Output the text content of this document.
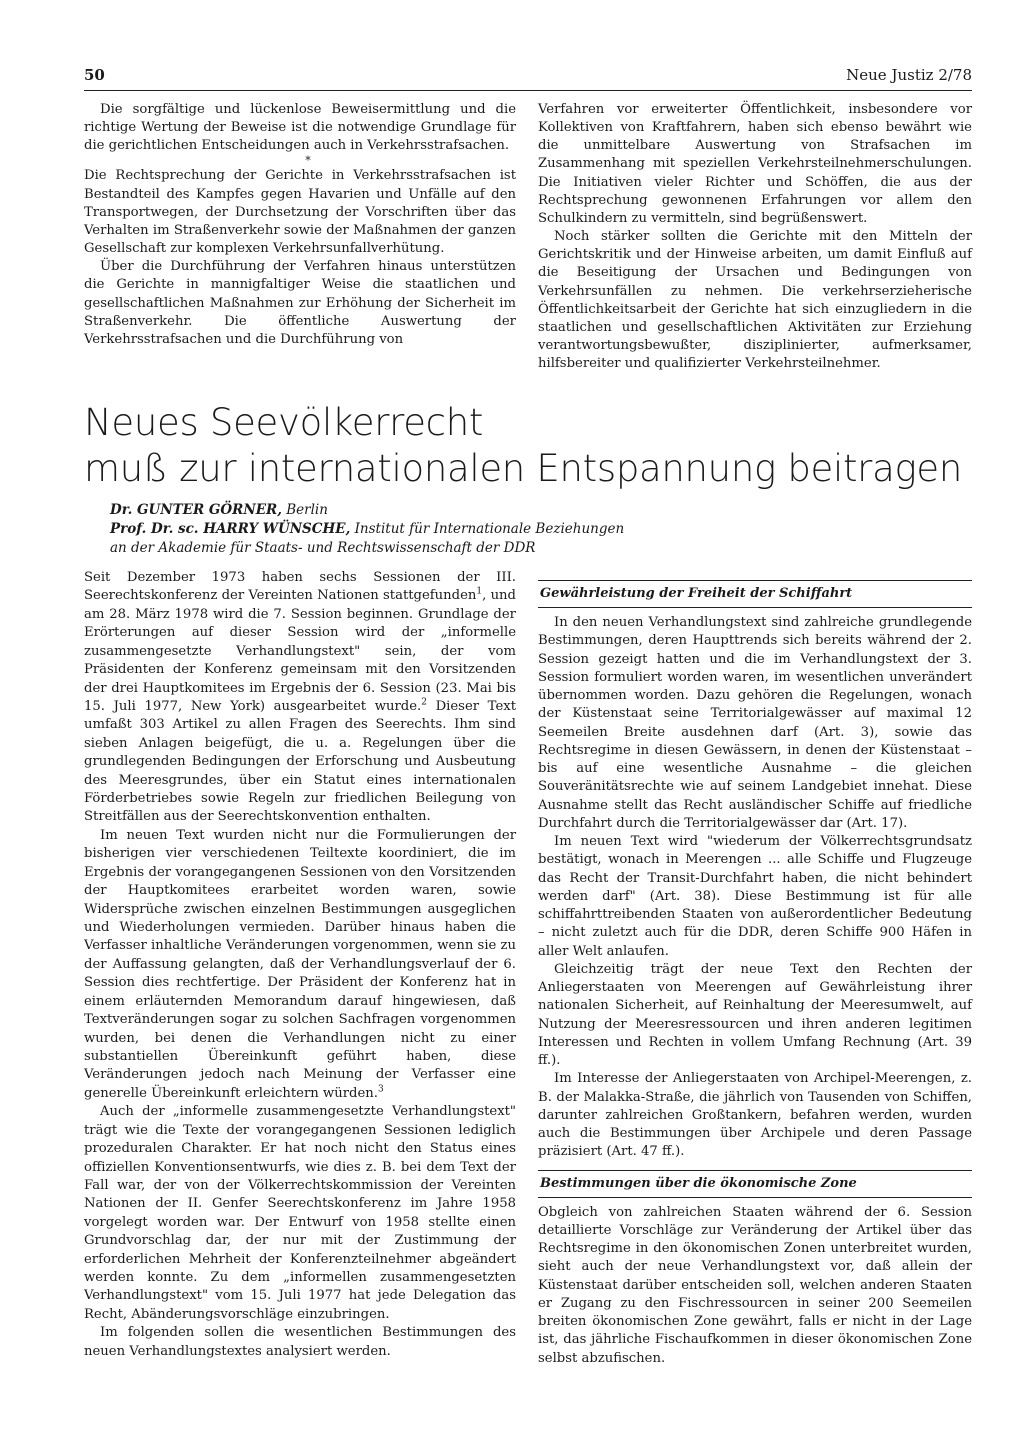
50	Neue Justiz 2/78

Die sorgfältige und lückenlose Beweisermittlung und die richtige Wertung der Beweise ist die notwendige Grundlage für die gerichtlichen Entscheidungen auch in Verkehrsstrafsachen.

*

Die Rechtsprechung der Gerichte in Verkehrsstrafsachen ist Bestandteil des Kampfes gegen Havarien und Unfälle auf den Transportwegen, der Durchsetzung der Vorschriften über das Verhalten im Straßenverkehr sowie der Maßnahmen der ganzen Gesellschaft zur komplexen Verkehrsunfallverhütung.

Über die Durchführung der Verfahren hinaus unterstützen die Gerichte in mannigfaltiger Weise die staatlichen und gesellschaftlichen Maßnahmen zur Erhöhung der Sicherheit im Straßenverkehr. Die öffentliche Auswertung der Verkehrsstrafsachen und die Durchführung von

Verfahren vor erweiterter Öffentlichkeit, insbesondere vor Kollektiven von Kraftfahrern, haben sich ebenso bewährt wie die unmittelbare Auswertung von Strafsachen im Zusammenhang mit speziellen Verkehrsteilnehmerschulungen. Die Initiativen vieler Richter und Schöffen, die aus der Rechtsprechung gewonnenen Erfahrungen vor allem den Schulkindern zu vermitteln, sind begrüßenswert.

Noch stärker sollten die Gerichte mit den Mitteln der Gerichtskritik und der Hinweise arbeiten, um damit Einfluß auf die Beseitigung der Ursachen und Bedingungen von Verkehrsunfällen zu nehmen. Die verkehrserzieherische Öffentlichkeitsarbeit der Gerichte hat sich einzugliedern in die staatlichen und gesellschaftlichen Aktivitäten zur Erziehung verantwortungsbewußter, disziplinierter, aufmerksamer, hilfsbereiter und qualifizierter Verkehrsteilnehmer.

Neues Seevölkerrecht
muß zur internationalen Entspannung beitragen
Dr. GUNTER GÖRNER, Berlin
Prof. Dr. sc. HARRY WÜNSCHE, Institut für Internationale Beziehungen
an der Akademie für Staats- und Rechtswissenschaft der DDR

Seit Dezember 1973 haben sechs Sessionen der III. Seerechtskonferenz der Vereinten Nationen stattgefunden$^1$, und am 28. März 1978 wird die 7. Session beginnen. Grundlage der Erörterungen auf dieser Session wird der „informelle zusammengesetzte Verhandlungstext" sein, der vom Präsidenten der Konferenz gemeinsam mit den Vorsitzenden der drei Hauptkomitees im Ergebnis der 6. Session (23. Mai bis 15. Juli 1977, New York) ausgearbeitet wurde.$^2$ Dieser Text umfaßt 303 Artikel zu allen Fragen des Seerechts. Ihm sind sieben Anlagen beigefügt, die u. a. Regelungen über die grundlegenden Bedingungen der Erforschung und Ausbeutung des Meeresgrundes, über ein Statut eines internationalen Förderbetriebes sowie Regeln zur friedlichen Beilegung von Streitfällen aus der Seerechtskonvention enthalten.

Im neuen Text wurden nicht nur die Formulierungen der bisherigen vier verschiedenen Teiltexte koordiniert, die im Ergebnis der vorangegangenen Sessionen von den Vorsitzenden der Hauptkomitees erarbeitet worden waren, sowie Widersprüche zwischen einzelnen Bestimmungen ausgeglichen und Wiederholungen vermieden. Darüber hinaus haben die Verfasser inhaltliche Veränderungen vorgenommen, wenn sie zu der Auffassung gelangten, daß der Verhandlungsverlauf der 6. Session dies rechtfertige. Der Präsident der Konferenz hat in einem erläuternden Memorandum darauf hingewiesen, daß Textveränderungen sogar zu solchen Sachfragen vorgenommen wurden, bei denen die Verhandlungen nicht zu einer substantiellen Übereinkunft geführt haben, diese Veränderungen jedoch nach Meinung der Verfasser eine generelle Übereinkunft erleichtern würden.$^3$

Auch der „informelle zusammengesetzte Verhandlungstext" trägt wie die Texte der vorangegangenen Sessionen lediglich prozeduralen Charakter. Er hat noch nicht den Status eines offiziellen Konventionsentwurfs, wie dies z. B. bei dem Text der Fall war, der von der Völkerrechtskommission der Vereinten Nationen der II. Genfer Seerechtskonferenz im Jahre 1958 vorgelegt worden war. Der Entwurf von 1958 stellte einen Grundvorschlag dar, der nur mit der Zustimmung der erforderlichen Mehrheit der Konferenzteilnehmer abgeändert werden konnte. Zu dem „informellen zusammengesetzten Verhandlungstext" vom 15. Juli 1977 hat jede Delegation das Recht, Abänderungsvorschläge einzubringen.

Im folgenden sollen die wesentlichen Bestimmungen des neuen Verhandlungstextes analysiert werden.

Gewährleistung der Freiheit der Schiffahrt

In den neuen Verhandlungstext sind zahlreiche grundlegende Bestimmungen, deren Haupttrends sich bereits während der 2. Session gezeigt hatten und die im Verhandlungstext der 3. Session formuliert worden waren, im wesentlichen unverändert übernommen worden. Dazu gehören die Regelungen, wonach der Küstenstaat seine Territorialgewässer auf maximal 12 Seemeilen Breite ausdehnen darf (Art. 3), sowie das Rechtsregime in diesen Gewässern, in denen der Küstenstaat – bis auf eine wesentliche Ausnahme – die gleichen Souveränitätsrechte wie auf seinem Landgebiet innehat. Diese Ausnahme stellt das Recht ausländischer Schiffe auf friedliche Durchfahrt durch die Territorialgewässer dar (Art. 17).

Im neuen Text wird "wiederum der Völkerrechtsgrundsatz bestätigt, wonach in Meerengen ... alle Schiffe und Flugzeuge das Recht der Transit-Durchfahrt haben, die nicht behindert werden darf" (Art. 38). Diese Bestimmung ist für alle schiffahrttreibenden Staaten von außerordentlicher Bedeutung – nicht zuletzt auch für die DDR, deren Schiffe 900 Häfen in aller Welt anlaufen.

Gleichzeitig trägt der neue Text den Rechten der Anliegerstaaten von Meerengen auf Gewährleistung ihrer nationalen Sicherheit, auf Reinhaltung der Meeresumwelt, auf Nutzung der Meeresressourcen und ihren anderen legitimen Interessen und Rechten in vollem Umfang Rechnung (Art. 39 ff.).

Im Interesse der Anliegerstaaten von Archipel-Meerengen, z. B. der Malakka-Straße, die jährlich von Tausenden von Schiffen, darunter zahlreichen Großtankern, befahren werden, wurden auch die Bestimmungen über Archipele und deren Passage präzisiert (Art. 47 ff.).

Bestimmungen über die ökonomische Zone

Obgleich von zahlreichen Staaten während der 6. Session detaillierte Vorschläge zur Veränderung der Artikel über das Rechtsregime in den ökonomischen Zonen unterbreitet wurden, sieht auch der neue Verhandlungstext vor, daß allein der Küstenstaat darüber entscheiden soll, welchen anderen Staaten er Zugang zu den Fischressourcen in seiner 200 Seemeilen breiten ökonomischen Zone gewährt, falls er nicht in der Lage ist, das jährliche Fischaufkommen in dieser ökonomischen Zone selbst abzufischen.
